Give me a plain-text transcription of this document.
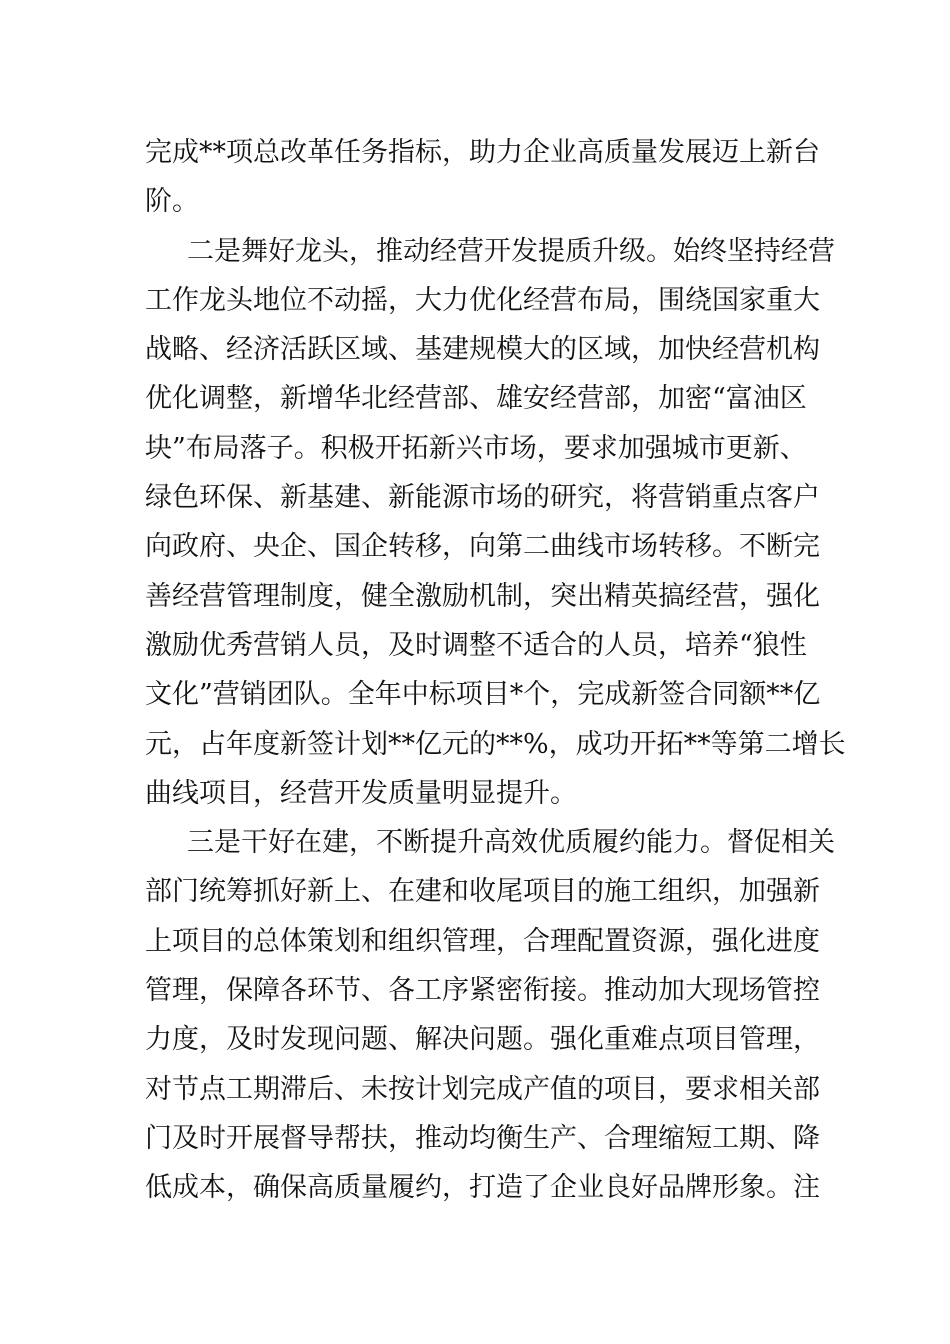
完成**项总改革任务指标，助力企业高质量发展迈上新台
阶。
二是舞好龙头，推动经营开发提质升级。始终坚持经营
工作龙头地位不动摇，大力优化经营布局，围绕国家重大
战略、经济活跃区域、基建规模大的区域，加快经营机构
优化调整，新增华北经营部、雄安经营部，加密“富油区
块”布局落子。积极开拓新兴市场，要求加强城市更新、
绿色环保、新基建、新能源市场的研究，将营销重点客户
向政府、央企、国企转移，向第二曲线市场转移。不断完
善经营管理制度，健全激励机制，突出精英搞经营，强化
激励优秀营销人员，及时调整不适合的人员，培养“狼性
文化”营销团队。全年中标项目*个，完成新签合同额**亿
元，占年度新签计划**亿元的**%，成功开拓**等第二增长
曲线项目，经营开发质量明显提升。
三是干好在建，不断提升高效优质履约能力。督促相关
部门统筹抓好新上、在建和收尾项目的施工组织，加强新
上项目的总体策划和组织管理，合理配置资源，强化进度
管理，保障各环节、各工序紧密衔接。推动加大现场管控
力度，及时发现问题、解决问题。强化重难点项目管理，
对节点工期滞后、未按计划完成产值的项目，要求相关部
门及时开展督导帮扶，推动均衡生产、合理缩短工期、降
低成本，确保高质量履约，打造了企业良好品牌形象。注
